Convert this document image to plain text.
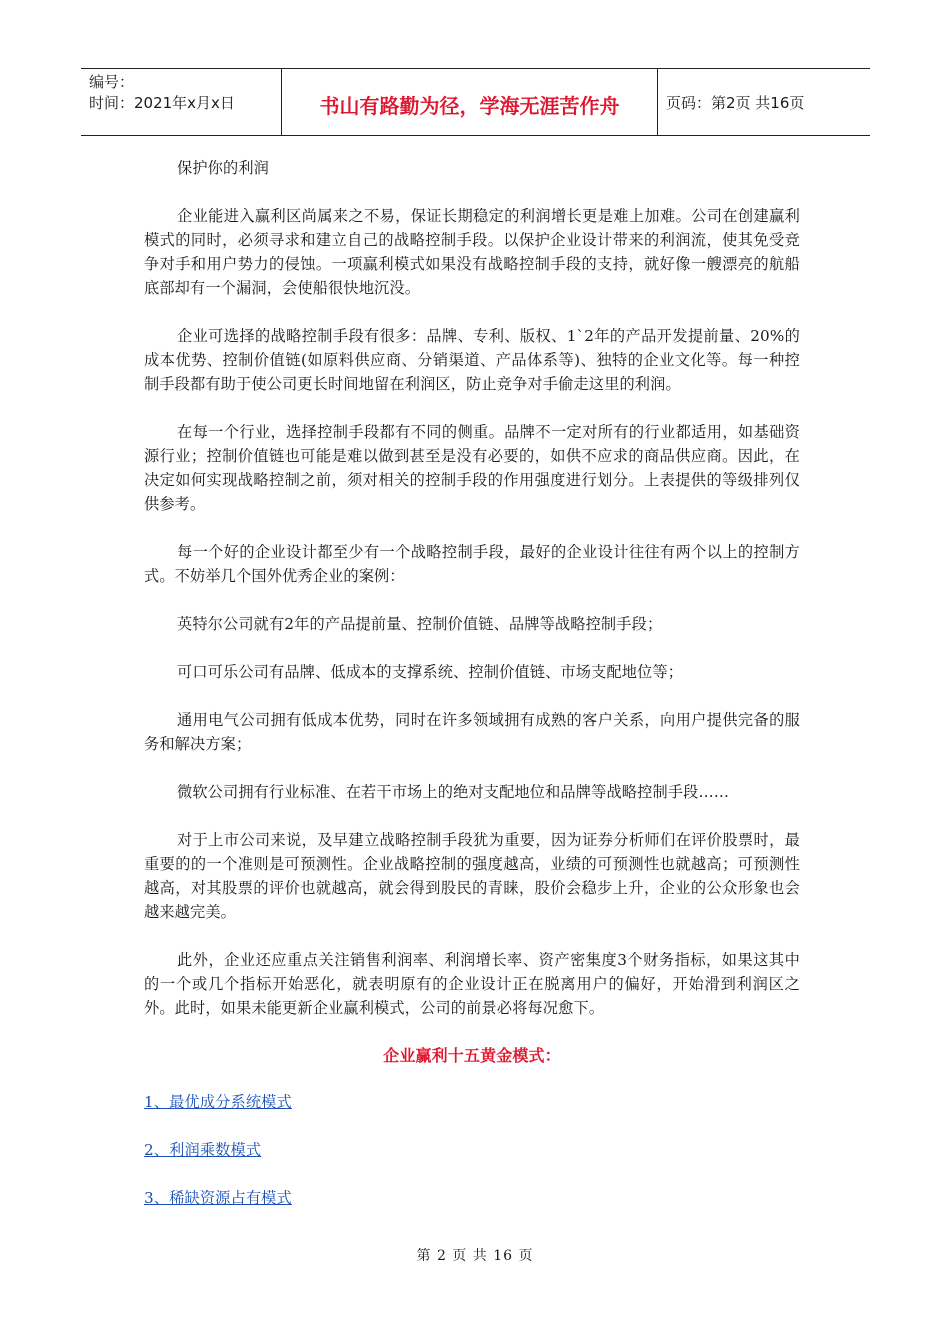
编号：
时间：2021年x月x日	书山有路勤为径，学海无涯苦作舟	页码：第2页 共16页

保护你的利润

企业能进入赢利区尚属来之不易，保证长期稳定的利润增长更是难上加难。公司在创建赢利模式的同时，必须寻求和建立自己的战略控制手段。以保护企业设计带来的利润流，使其免受竞争对手和用户势力的侵蚀。一项赢利模式如果没有战略控制手段的支持，就好像一艘漂亮的航船底部却有一个漏洞，会使船很快地沉没。

企业可选择的战略控制手段有很多：品牌、专利、版权、1`2年的产品开发提前量、20%的成本优势、控制价值链(如原料供应商、分销渠道、产品体系等)、独特的企业文化等。每一种控制手段都有助于使公司更长时间地留在利润区，防止竞争对手偷走这里的利润。

在每一个行业，选择控制手段都有不同的侧重。品牌不一定对所有的行业都适用，如基础资源行业；控制价值链也可能是难以做到甚至是没有必要的，如供不应求的商品供应商。因此，在决定如何实现战略控制之前，须对相关的控制手段的作用强度进行划分。上表提供的等级排列仅供参考。

每一个好的企业设计都至少有一个战略控制手段，最好的企业设计往往有两个以上的控制方式。不妨举几个国外优秀企业的案例：

英特尔公司就有2年的产品提前量、控制价值链、品牌等战略控制手段；

可口可乐公司有品牌、低成本的支撑系统、控制价值链、市场支配地位等；

通用电气公司拥有低成本优势，同时在许多领域拥有成熟的客户关系，向用户提供完备的服务和解决方案；

微软公司拥有行业标准、在若干市场上的绝对支配地位和品牌等战略控制手段……

对于上市公司来说，及早建立战略控制手段犹为重要，因为证券分析师们在评价股票时，最重要的的一个准则是可预测性。企业战略控制的强度越高，业绩的可预测性也就越高；可预测性越高，对其股票的评价也就越高，就会得到股民的青睐，股价会稳步上升，企业的公众形象也会越来越完美。

此外，企业还应重点关注销售利润率、利润增长率、资产密集度3个财务指标，如果这其中的一个或几个指标开始恶化，就表明原有的企业设计正在脱离用户的偏好，开始滑到利润区之外。此时，如果未能更新企业赢利模式，公司的前景必将每况愈下。

企业赢利十五黄金模式：
1、最优成分系统模式
2、利润乘数模式
3、稀缺资源占有模式
第 2 页 共 16 页
